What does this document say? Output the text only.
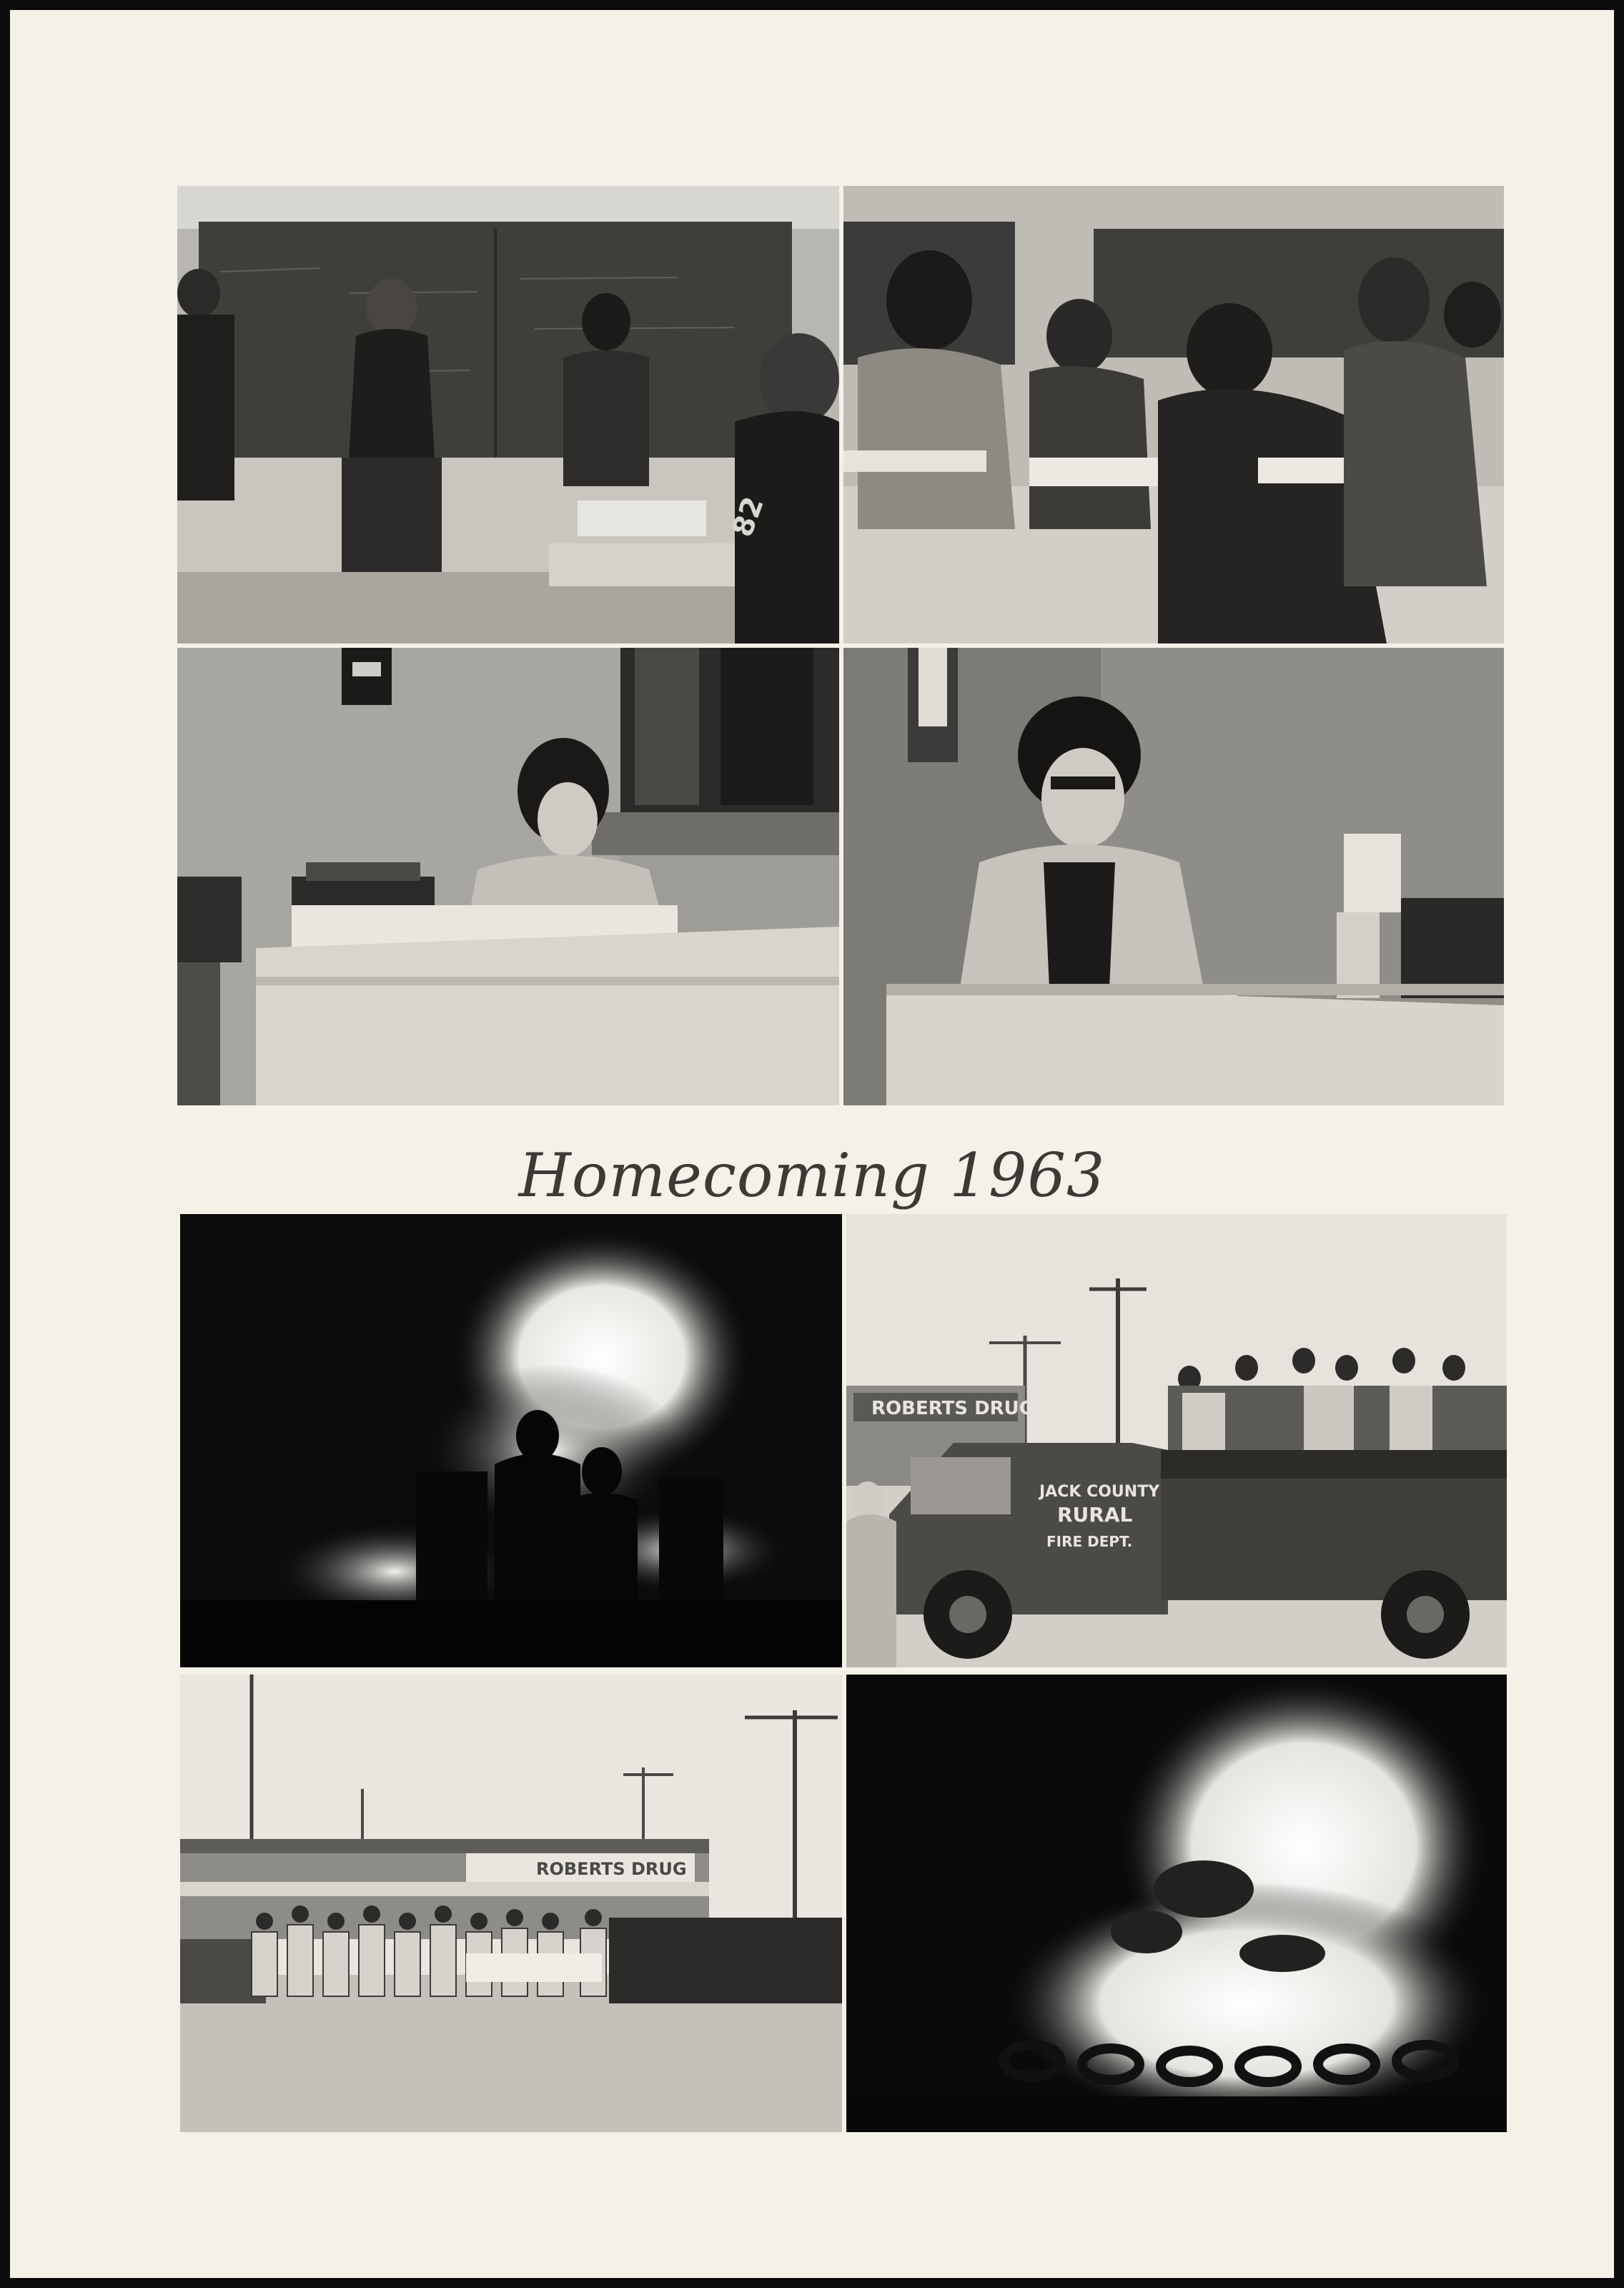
82
Homecoming 1963
ROBERTS DRUG
JACK COUNTY
RURAL
FIRE DEPT.
ROBERTS DRUG
